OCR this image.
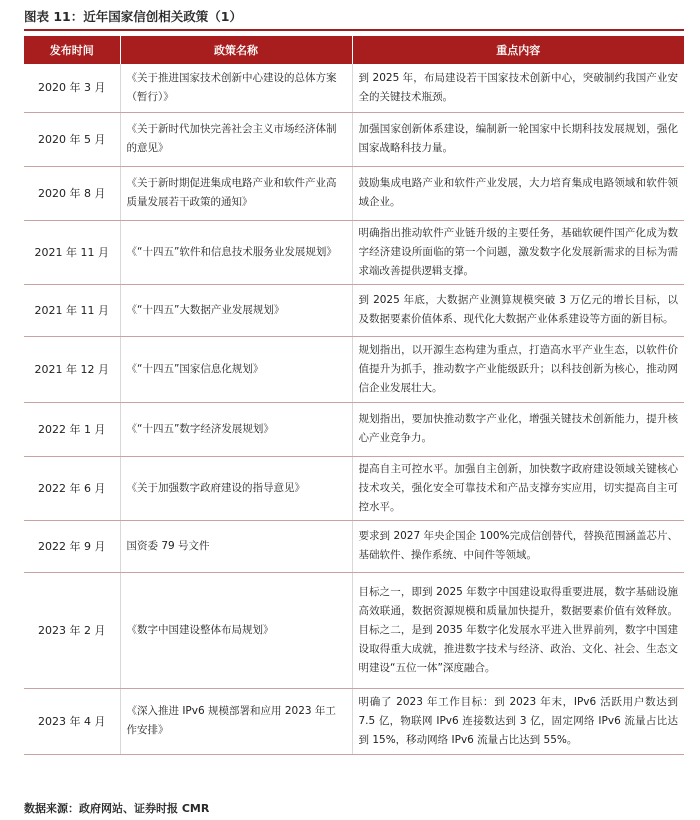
图表 11：近年国家信创相关政策（1）
发布时间	政策名称	重点内容
2020 年 3 月	《关于推进国家技术创新中心建设的总体方案（暂行）》	到 2025 年，布局建设若干国家技术创新中心，突破制约我国产业安全的关键技术瓶颈。
2020 年 5 月	《关于新时代加快完善社会主义市场经济体制的意见》	加强国家创新体系建设，编制新一轮国家中长期科技发展规划，强化国家战略科技力量。
2020 年 8 月	《关于新时期促进集成电路产业和软件产业高质量发展若干政策的通知》	鼓励集成电路产业和软件产业发展，大力培育集成电路领域和软件领域企业。
2021 年 11 月	《“十四五”软件和信息技术服务业发展规划》	明确指出推动软件产业链升级的主要任务，基础软硬件国产化成为数字经济建设所面临的第一个问题，激发数字化发展新需求的目标为需求端改善提供逻辑支撑。
2021 年 11 月	《“十四五”大数据产业发展规划》	到 2025 年底，大数据产业测算规模突破 3 万亿元的增长目标，以及数据要素价值体系、现代化大数据产业体系建设等方面的新目标。
2021 年 12 月	《“十四五”国家信息化规划》	规划指出，以开源生态构建为重点，打造高水平产业生态，以软件价值提升为抓手，推动数字产业能级跃升；以科技创新为核心，推动网信企业发展壮大。
2022 年 1 月	《“十四五”数字经济发展规划》	规划指出，要加快推动数字产业化，增强关键技术创新能力，提升核心产业竞争力。
2022 年 6 月	《关于加强数字政府建设的指导意见》	提高自主可控水平。加强自主创新，加快数字政府建设领域关键核心技术攻关，强化安全可靠技术和产品支撑夯实应用，切实提高自主可控水平。
2022 年 9 月	国资委 79 号文件	要求到 2027 年央企国企 100%完成信创替代，替换范围涵盖芯片、基础软件、操作系统、中间件等领域。
2023 年 2 月	《数字中国建设整体布局规划》	目标之一，即到 2025 年数字中国建设取得重要进展，数字基础设施高效联通，数据资源规模和质量加快提升，数据要素价值有效释放。目标之二，是到 2035 年数字化发展水平进入世界前列，数字中国建设取得重大成就，推进数字技术与经济、政治、文化、社会、生态文明建设“五位一体”深度融合。
2023 年 4 月	《深入推进 IPv6 规模部署和应用 2023 年工作安排》	明确了 2023 年工作目标：到 2023 年末，IPv6 活跃用户数达到 7.5 亿，物联网 IPv6 连接数达到 3 亿，固定网络 IPv6 流量占比达到 15%，移动网络 IPv6 流量占比达到 55%。
数据来源：政府网站、证券时报 CMR
